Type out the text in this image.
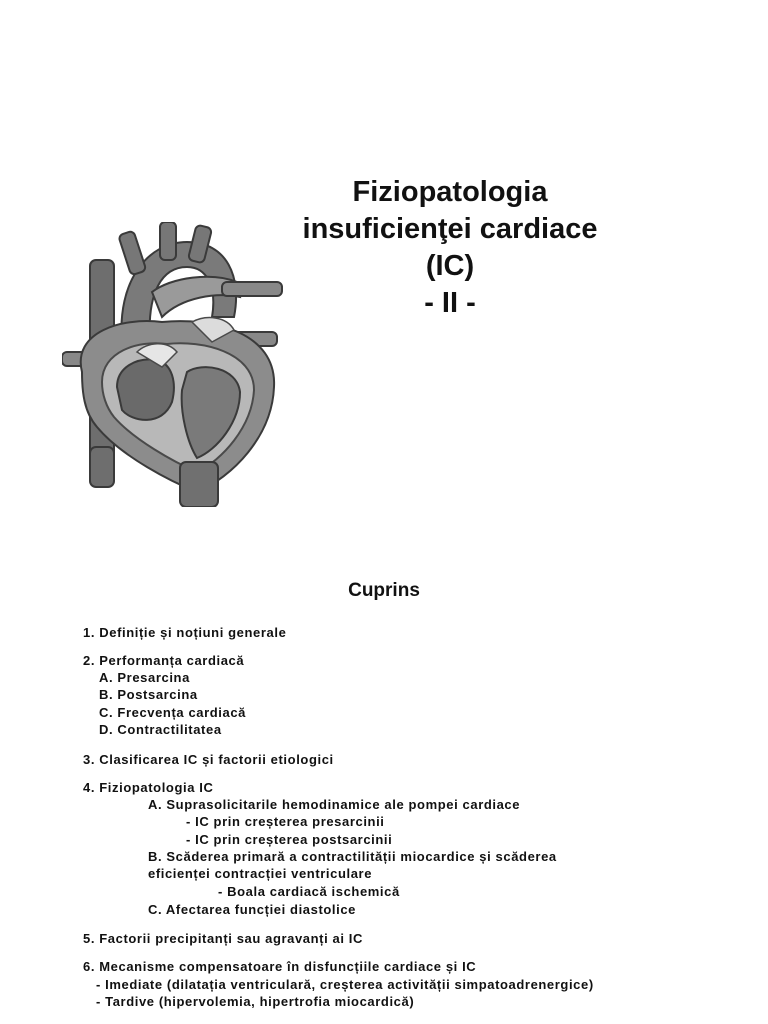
Fiziopatologia
insuficienţei cardiace
(IC)
- II -
Cuprins
1. Definiție și noțiuni generale
2. Performanța cardiacă
A. Presarcina
B. Postsarcina
C. Frecvența cardiacă
D. Contractilitatea
3. Clasificarea IC și factorii etiologici
4. Fiziopatologia IC
A. Suprasolicitarile hemodinamice ale pompei cardiace
- IC prin creșterea presarcinii
- IC prin creșterea postsarcinii
B. Scăderea primară a contractilității miocardice și scăderea
eficienței contracției ventriculare
- Boala cardiacă ischemică
C. Afectarea funcției diastolice
5. Factorii precipitanți sau agravanți ai IC
6. Mecanisme compensatoare în disfuncțiile cardiace și IC
- Imediate (dilatația ventriculară, creșterea activității simpatoadrenergice)
- Tardive (hipervolemia, hipertrofia miocardică)
